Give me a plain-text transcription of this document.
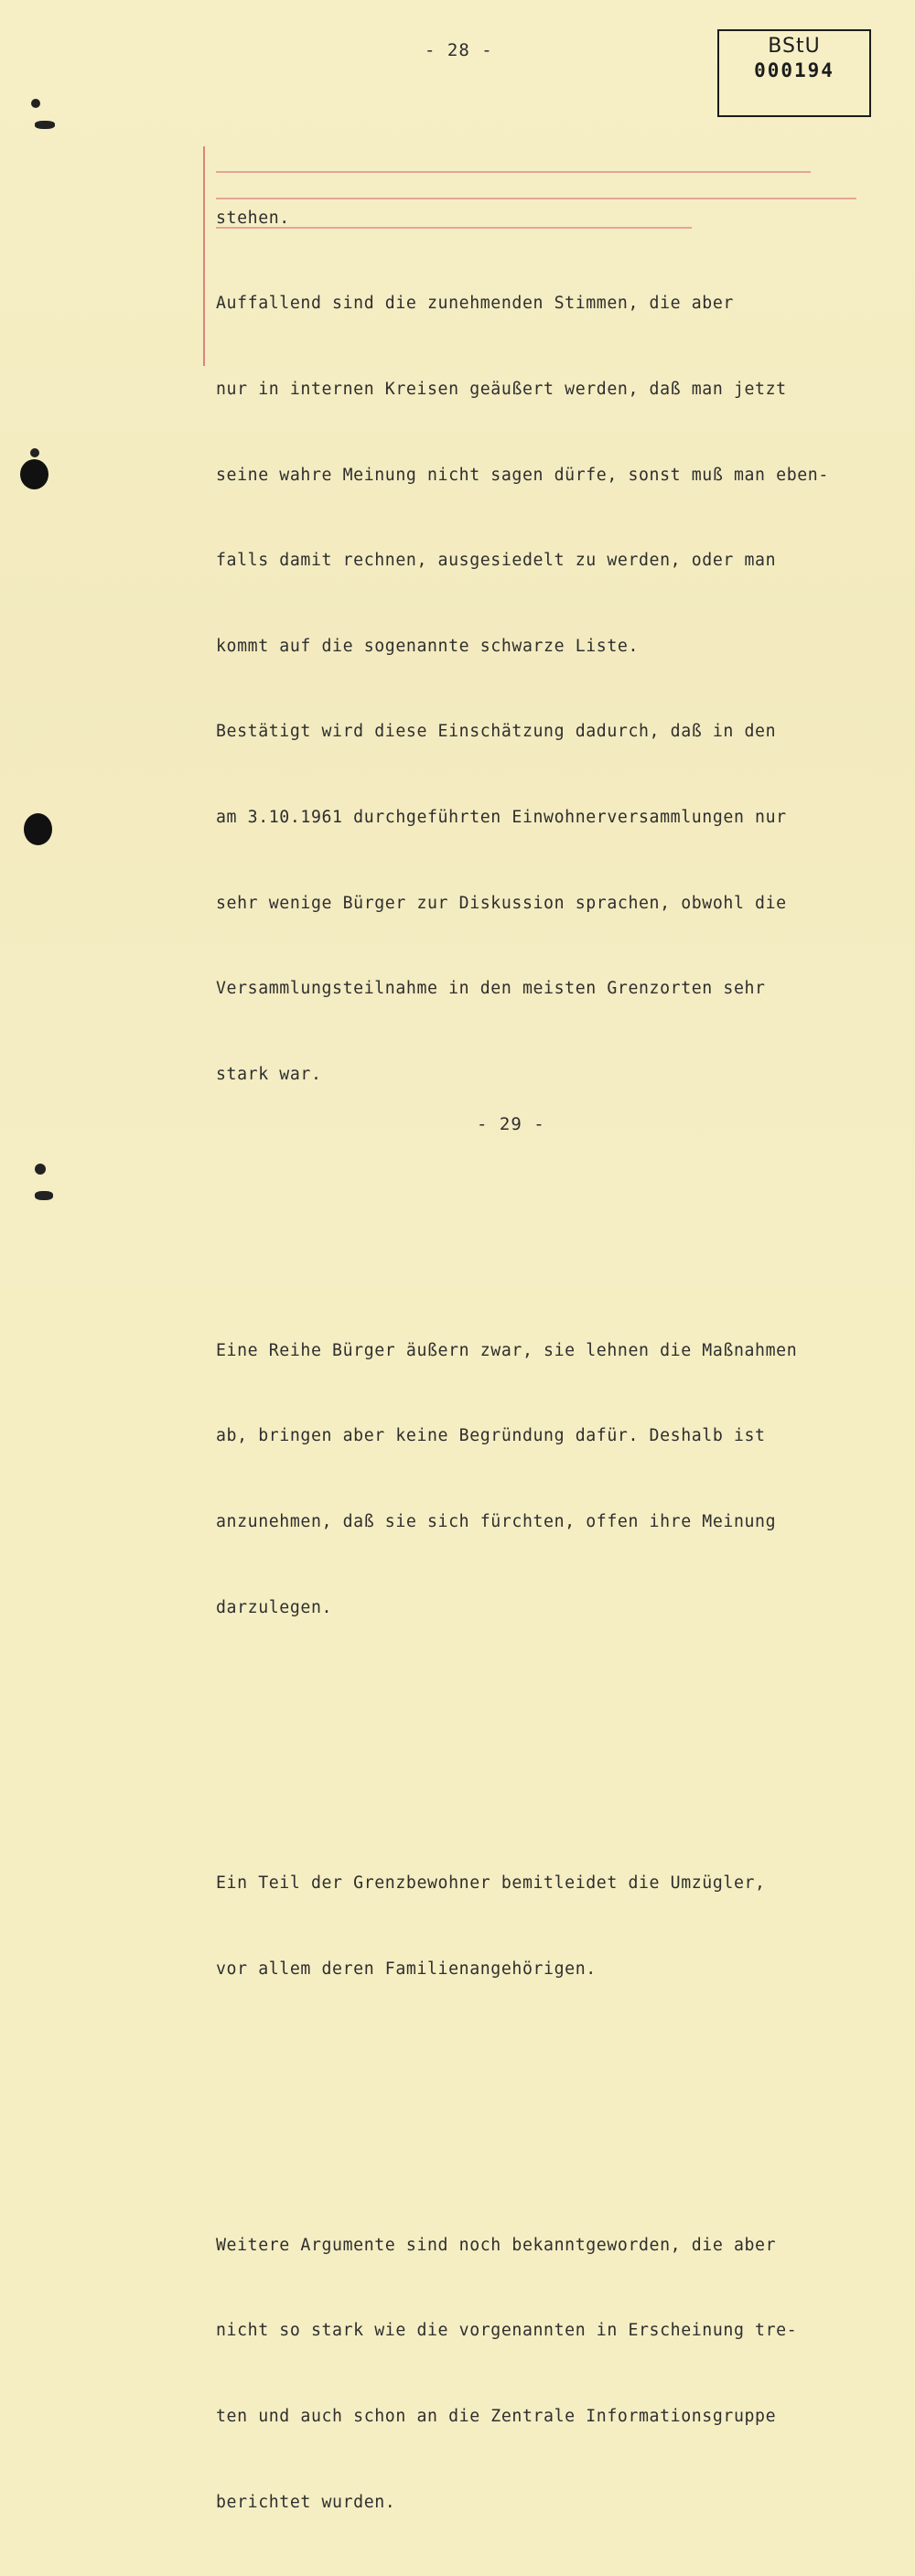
- 28 -	BStU
000194

stehen.

Auffallend sind die zunehmenden Stimmen, die aber

nur in internen Kreisen geäußert werden, daß man jetzt

seine wahre Meinung nicht sagen dürfe, sonst muß man eben-

falls damit rechnen, ausgesiedelt zu werden, oder man

kommt auf die sogenannte schwarze Liste.

Bestätigt wird diese Einschätzung dadurch, daß in den

am 3.10.1961 durchgeführten Einwohnerversammlungen nur

sehr wenige Bürger zur Diskussion sprachen, obwohl die

Versammlungsteilnahme in den meisten Grenzorten sehr

stark war.

Eine Reihe Bürger äußern zwar, sie lehnen die Maßnahmen

ab, bringen aber keine Begründung dafür. Deshalb ist

anzunehmen, daß sie sich fürchten, offen ihre Meinung

darzulegen.

Ein Teil der Grenzbewohner bemitleidet die Umzügler,

vor allem deren Familienangehörigen.

Weitere Argumente sind noch bekanntgeworden, die aber

nicht so stark wie die vorgenannten in Erscheinung tre-

ten und auch schon an die Zentrale Informationsgruppe

berichtet wurden.

- 29 -
